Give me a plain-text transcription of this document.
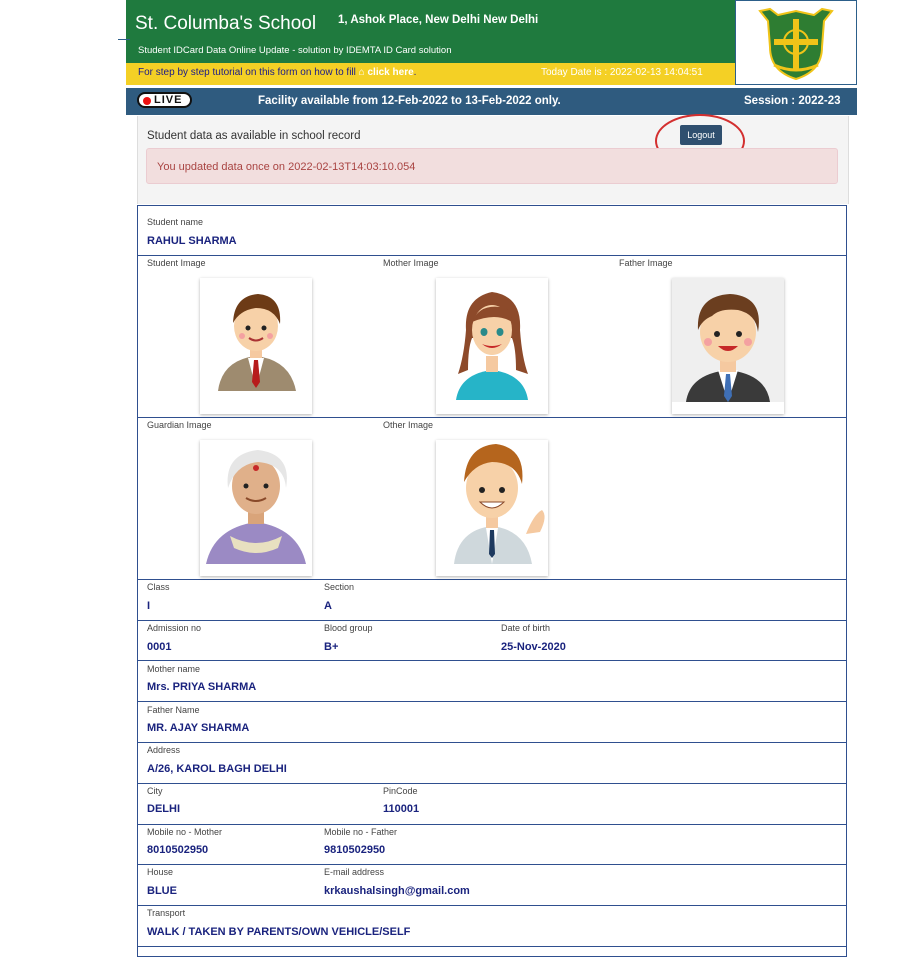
St. Columba's School 1, Ashok Place, New Delhi New Delhi
Student IDCard Data Online Update - solution by IDEMTA ID Card solution
For step by step tutorial on this form on how to fill ⌂ click here.	Today Date is : 2022-02-13 14:04:51
LIVE	Facility available from 12-Feb-2022 to 13-Feb-2022 only.	Session : 2022-23
Student data as available in school record	Logout
You updated data once on 2022-02-13T14:03:10.054
Student name
RAHUL SHARMA
Student Image	Mother Image	Father Image
Guardian Image	Other Image
Class
I
Section
A
Admission no
0001
Blood group
B+
Date of birth
25-Nov-2020
Mother name
Mrs. PRIYA SHARMA
Father Name
MR. AJAY SHARMA
Address
A/26, KAROL BAGH DELHI
City
DELHI
PinCode
110001
Mobile no - Mother
8010502950
Mobile no - Father
9810502950
House
BLUE
E-mail address
krkaushalsingh@gmail.com
Transport
WALK / TAKEN BY PARENTS/OWN VEHICLE/SELF
